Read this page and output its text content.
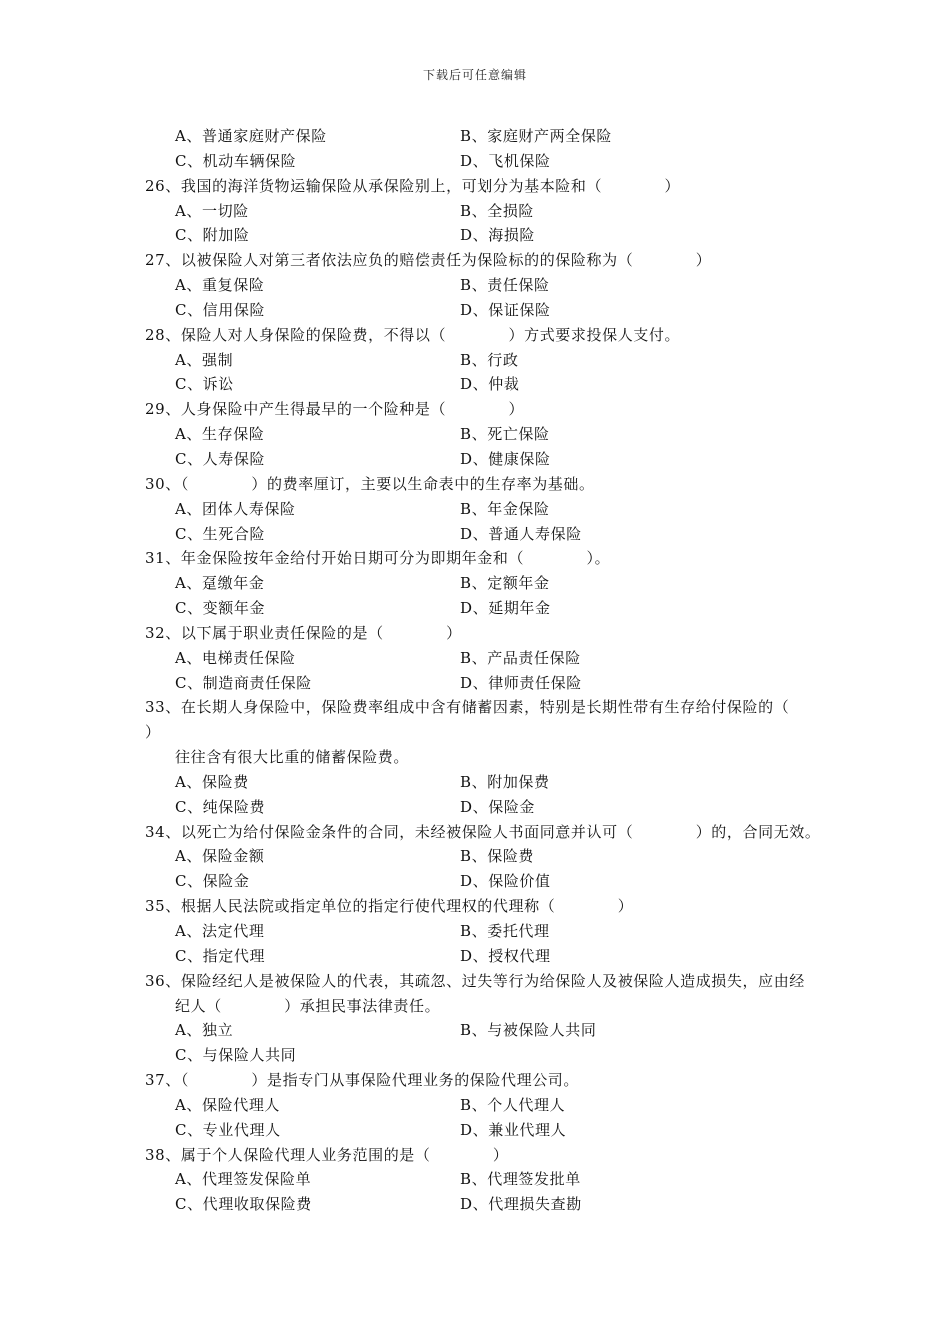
下载后可任意编辑
A、普通家庭财产保险	B、家庭财产两全保险
C、机动车辆保险	D、飞机保险
26、我国的海洋货物运输保险从承保险别上，可划分为基本险和（　　　　）
A、一切险	B、全损险
C、附加险	D、海损险
27、以被保险人对第三者依法应负的赔偿责任为保险标的的保险称为（　　　　）
A、重复保险	B、责任保险
C、信用保险	D、保证保险
28、保险人对人身保险的保险费，不得以（　　　　）方式要求投保人支付。
A、强制	B、行政
C、诉讼	D、仲裁
29、人身保险中产生得最早的一个险种是（　　　　）
A、生存保险	B、死亡保险
C、人寿保险	D、健康保险
30、（　　　　）的费率厘订，主要以生命表中的生存率为基础。
A、团体人寿保险	B、年金保险
C、生死合险	D、普通人寿保险
31、年金保险按年金给付开始日期可分为即期年金和（　　　　）。
A、趸缴年金	B、定额年金
C、变额年金	D、延期年金
32、以下属于职业责任保险的是（　　　　）
A、电梯责任保险	B、产品责任保险
C、制造商责任保险	D、律师责任保险
33、在长期人身保险中，保险费率组成中含有储蓄因素，特别是长期性带有生存给付保险的（
）
往往含有很大比重的储蓄保险费。
A、保险费	B、附加保费
C、纯保险费	D、保险金
34、以死亡为给付保险金条件的合同，未经被保险人书面同意并认可（　　　　）的，合同无效。
A、保险金额	B、保险费
C、保险金	D、保险价值
35、根据人民法院或指定单位的指定行使代理权的代理称（　　　　）
A、法定代理	B、委托代理
C、指定代理	D、授权代理
36、保险经纪人是被保险人的代表，其疏忽、过失等行为给保险人及被保险人造成损失，应由经
纪人（　　　　）承担民事法律责任。
A、独立	B、与被保险人共同
C、与保险人共同
37、（　　　　）是指专门从事保险代理业务的保险代理公司。
A、保险代理人	B、个人代理人
C、专业代理人	D、兼业代理人
38、属于个人保险代理人业务范围的是（　　　　）
A、代理签发保险单	B、代理签发批单
C、代理收取保险费	D、代理损失查勘
